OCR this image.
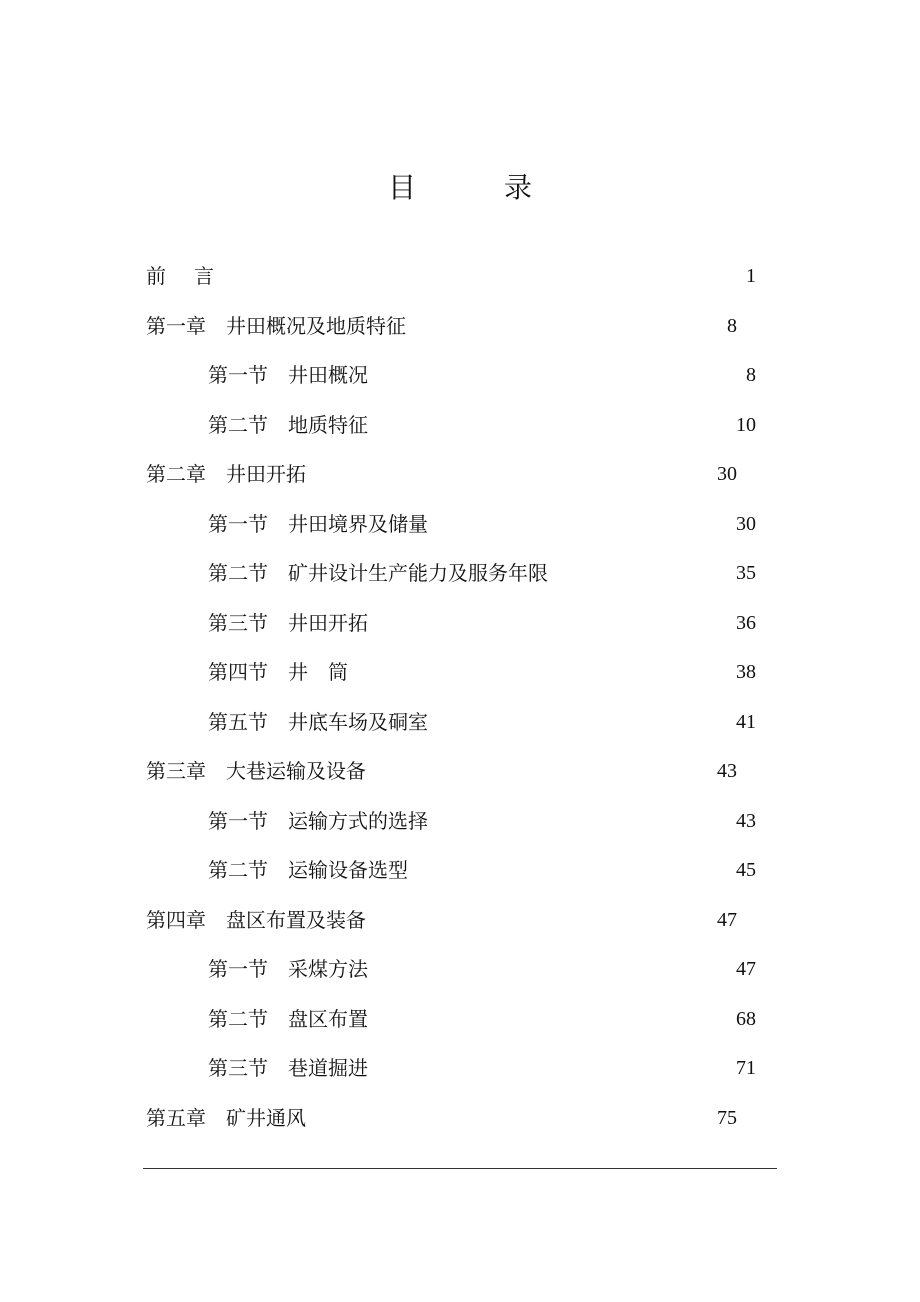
目　录
前言	1
第一章 井田概况及地质特征	8
第一节 井田概况	8
第二节 地质特征	10
第二章 井田开拓	30
第一节 井田境界及储量	30
第二节 矿井设计生产能力及服务年限	35
第三节 井田开拓	36
第四节 井　筒	38
第五节 井底车场及硐室	41
第三章 大巷运输及设备	43
第一节 运输方式的选择	43
第二节 运输设备选型	45
第四章 盘区布置及装备	47
第一节 采煤方法	47
第二节 盘区布置	68
第三节 巷道掘进	71
第五章 矿井通风	75
